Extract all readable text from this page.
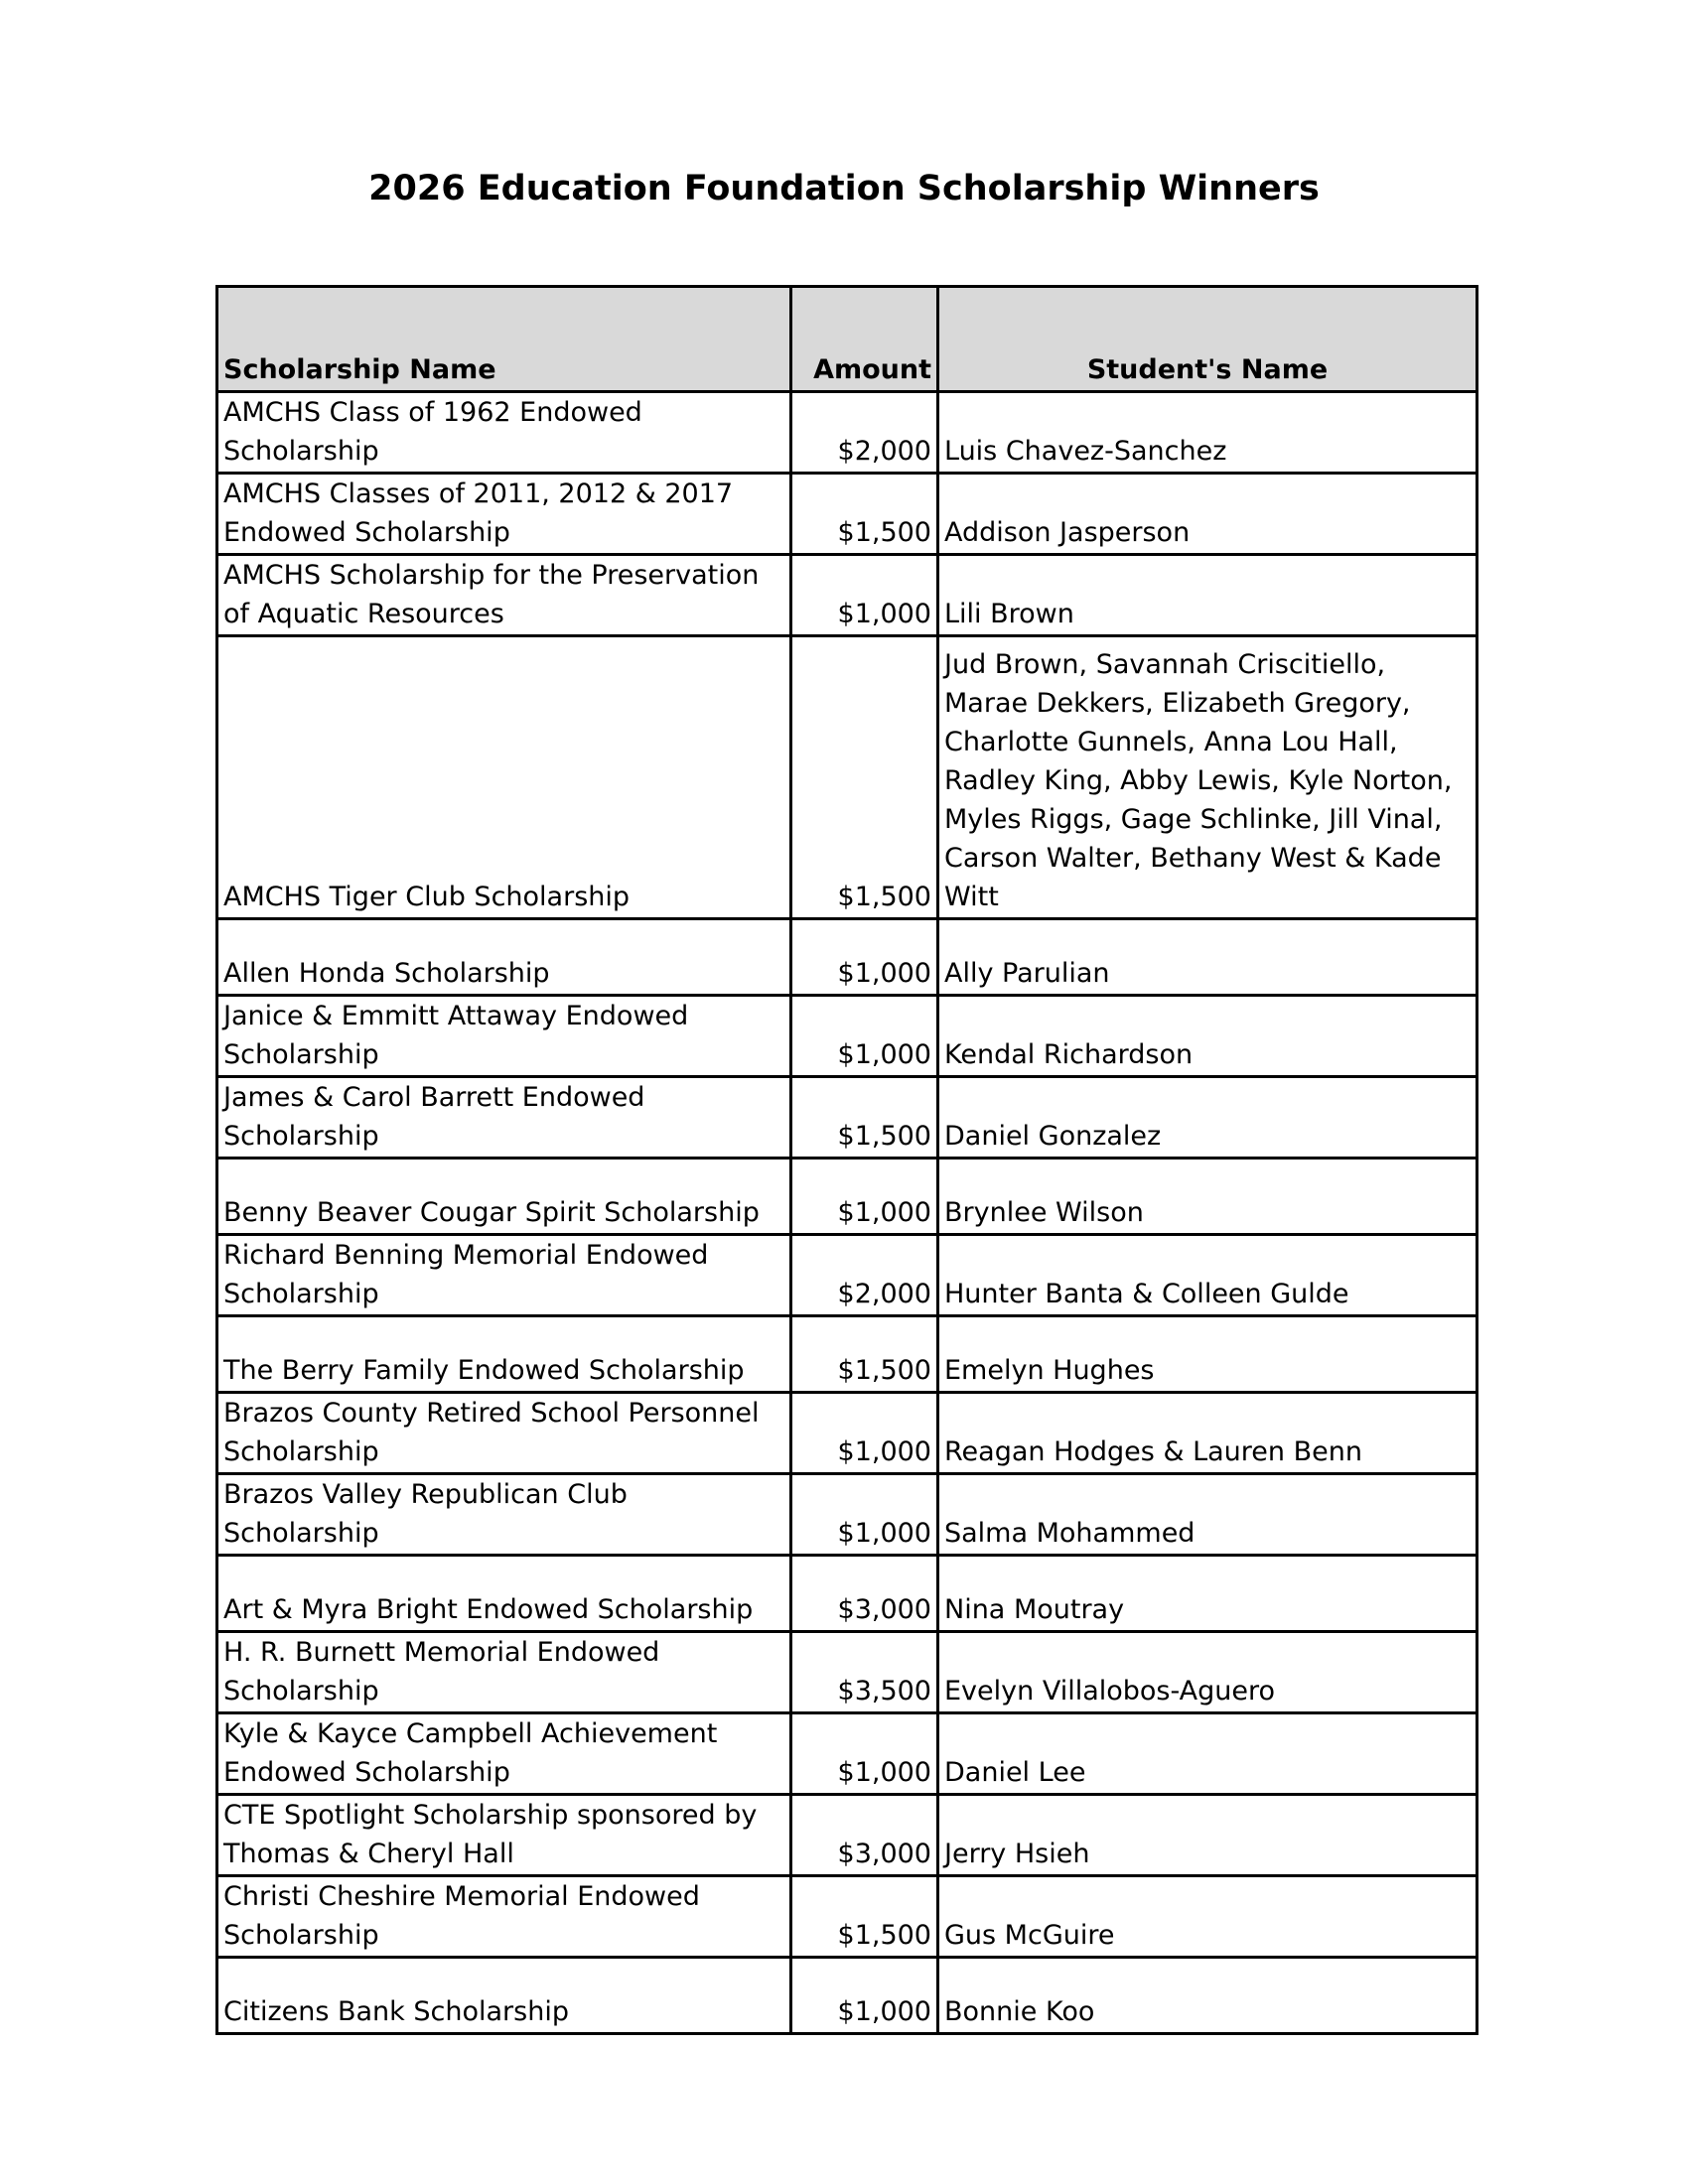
2026 Education Foundation Scholarship Winners
Scholarship Name	Amount	Student's Name
AMCHS Class of 1962 Endowed Scholarship	$2,000	Luis Chavez-Sanchez
AMCHS Classes of 2011, 2012 & 2017 Endowed Scholarship	$1,500	Addison Jasperson
AMCHS Scholarship for the Preservation of Aquatic Resources	$1,000	Lili Brown
AMCHS Tiger Club Scholarship	$1,500	Jud Brown, Savannah Criscitiello, Marae Dekkers, Elizabeth Gregory, Charlotte Gunnels, Anna Lou Hall, Radley King, Abby Lewis, Kyle Norton, Myles Riggs, Gage Schlinke, Jill Vinal, Carson Walter, Bethany West & Kade Witt
Allen Honda Scholarship	$1,000	Ally Parulian
Janice & Emmitt Attaway Endowed Scholarship	$1,000	Kendal Richardson
James & Carol Barrett Endowed Scholarship	$1,500	Daniel Gonzalez
Benny Beaver Cougar Spirit Scholarship	$1,000	Brynlee Wilson
Richard Benning Memorial Endowed Scholarship	$2,000	Hunter Banta & Colleen Gulde
The Berry Family Endowed Scholarship	$1,500	Emelyn Hughes
Brazos County Retired School Personnel Scholarship	$1,000	Reagan Hodges & Lauren Benn
Brazos Valley Republican Club Scholarship	$1,000	Salma Mohammed
Art & Myra Bright Endowed Scholarship	$3,000	Nina Moutray
H. R. Burnett Memorial Endowed Scholarship	$3,500	Evelyn Villalobos-Aguero
Kyle & Kayce Campbell Achievement Endowed Scholarship	$1,000	Daniel Lee
CTE Spotlight Scholarship sponsored by Thomas & Cheryl Hall	$3,000	Jerry Hsieh
Christi Cheshire Memorial Endowed Scholarship	$1,500	Gus McGuire
Citizens Bank Scholarship	$1,000	Bonnie Koo
